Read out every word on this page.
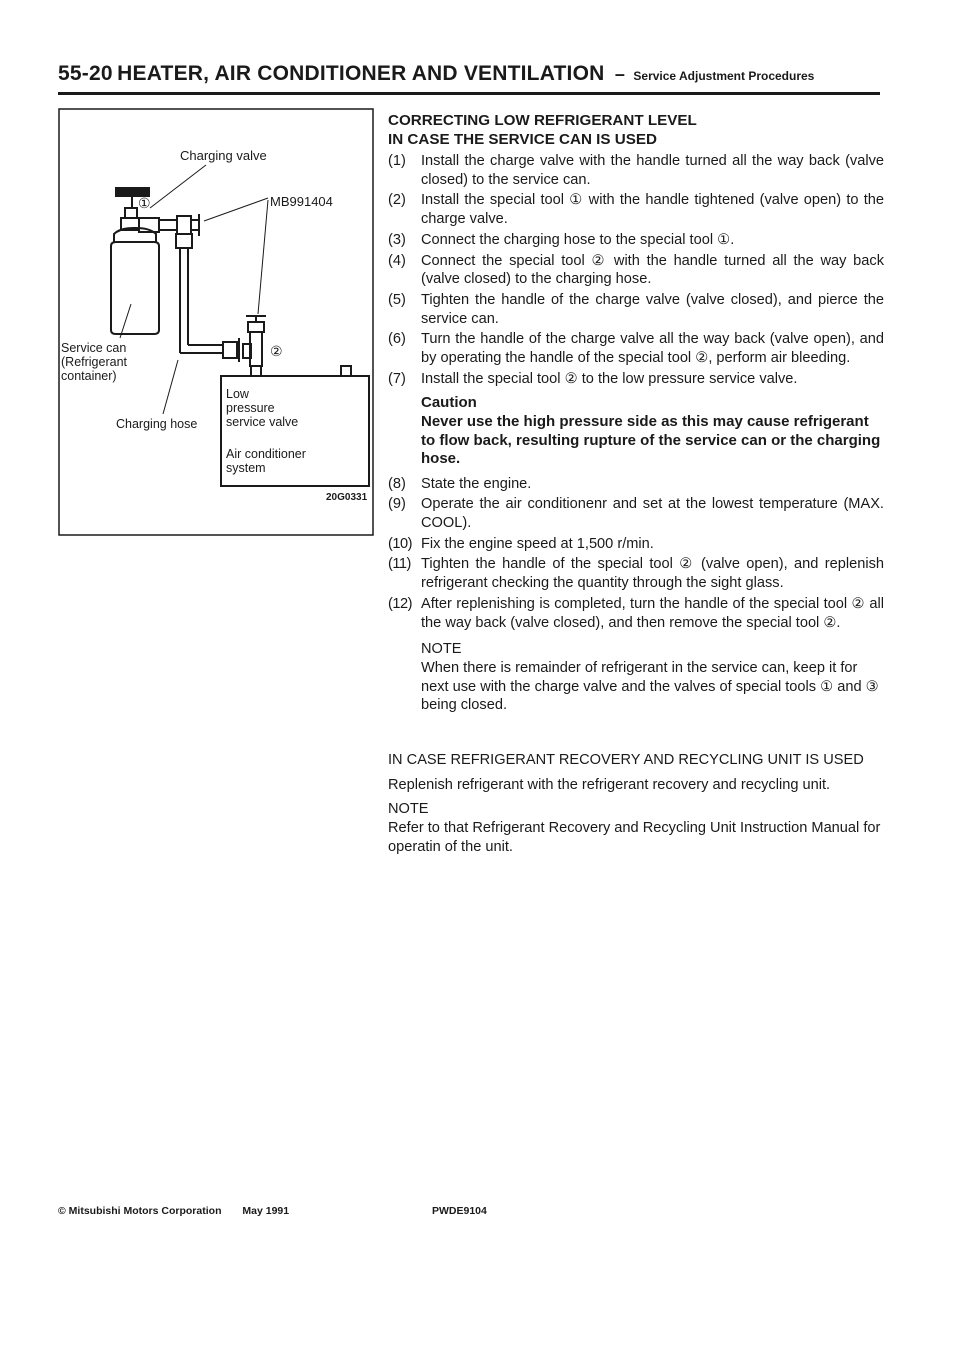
55-20 HEATER, AIR CONDITIONER AND VENTILATION – Service Adjustment Procedures
Charging valve
①	MB991404
Service can
(Refrigerant
container)
②
Charging hose
Low
pressure
service valve
Air conditioner
system
20G0331
CORRECTING LOW REFRIGERANT LEVEL
IN CASE THE SERVICE CAN IS USED
(1) Install the charge valve with the handle turned all the way back (valve closed) to the service can.
(2) Install the special tool ① with the handle tightened (valve open) to the charge valve.
(3) Connect the charging hose to the special tool ①.
(4) Connect the special tool ② with the handle turned all the way back (valve closed) to the charging hose.
(5) Tighten the handle of the charge valve (valve closed), and pierce the service can.
(6) Turn the handle of the charge valve all the way back (valve open), and by operating the handle of the special tool ②, perform air bleeding.
(7) Install the special tool ② to the low pressure service valve.
Caution
Never use the high pressure side as this may cause refrigerant to flow back, resulting rupture of the service can or the charging hose.
(8) State the engine.
(9) Operate the air conditionenr and set at the lowest temperature (MAX. COOL).
(10) Fix the engine speed at 1,500 r/min.
(11) Tighten the handle of the special tool ② (valve open), and replenish refrigerant checking the quantity through the sight glass.
(12) After replenishing is completed, turn the handle of the special tool ② all the way back (valve closed), and then remove the special tool ②.
NOTE
When there is remainder of refrigerant in the service can, keep it for next use with the charge valve and the valves of special tools ① and ③ being closed.

IN CASE REFRIGERANT RECOVERY AND RECYCLING UNIT IS USED

Replenish refrigerant with the refrigerant recovery and recycling unit.

NOTE
Refer to that Refrigerant Recovery and Recycling Unit Instruction Manual for operatin of the unit.
© Mitsubishi Motors Corporation May 1991	PWDE9104
